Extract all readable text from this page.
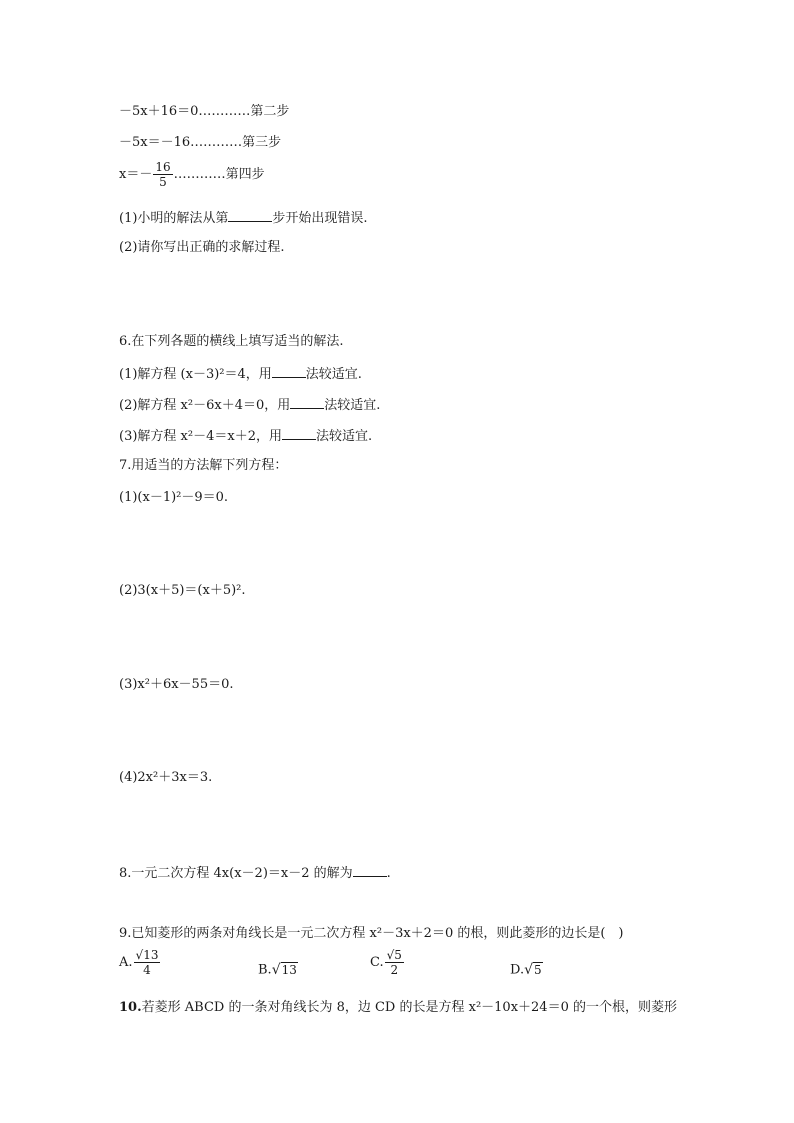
－5x＋16＝0…………第二步
－5x＝－16…………第三步
$x=- \frac{16}{5}$ …………第四步
(1)小明的解法从第	步开始出现错误.
(2)请你写出正确的求解过程.
6.在下列各题的横线上填写适当的解法.
(1)解方程 (x－3)²＝4，用	法较适宜.
(2)解方程 x²－6x＋4＝0，用	法较适宜.
(3)解方程 x²－4＝x＋2，用	法较适宜.
7.用适当的方法解下列方程：
(1)(x－1)²－9＝0.
(2)3(x＋5)＝(x＋5)².
(3)x²＋6x－55＝0.
(4)2x²＋3x＝3.
8.一元二次方程 4x(x－2)＝x－2 的解为	.
9.已知菱形的两条对角线长是一元二次方程 x²－3x＋2＝0 的根，则此菱形的边长是(　)
A. $\frac{√13}{4}$	B.√13	C. $\frac{√5}{2}$	D.√5
10.若菱形 ABCD 的一条对角线长为 8，边 CD 的长是方程 x²－10x＋24＝0 的一个根，则菱形
